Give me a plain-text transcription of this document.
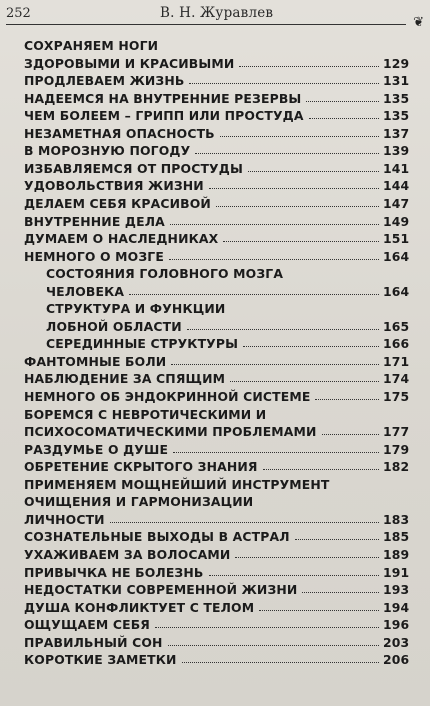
252	В. Н. Журавлев
❦
СОХРАНЯЕМ НОГИ
ЗДОРОВЫМИ И КРАСИВЫМИ	129
ПРОДЛЕВАЕМ ЖИЗНЬ	131
НАДЕЕМСЯ НА ВНУТРЕННИЕ РЕЗЕРВЫ	135
ЧЕМ БОЛЕЕМ – ГРИПП ИЛИ ПРОСТУДА	135
НЕЗАМЕТНАЯ ОПАСНОСТЬ	137
В МОРОЗНУЮ ПОГОДУ	139
ИЗБАВЛЯЕМСЯ ОТ ПРОСТУДЫ	141
УДОВОЛЬСТВИЯ ЖИЗНИ	144
ДЕЛАЕМ СЕБЯ КРАСИВОЙ	147
ВНУТРЕННИЕ ДЕЛА	149
ДУМАЕМ О НАСЛЕДНИКАХ	151
НЕМНОГО О МОЗГЕ	164
СОСТОЯНИЯ ГОЛОВНОГО МОЗГА
ЧЕЛОВЕКА	164
СТРУКТУРА И ФУНКЦИИ
ЛОБНОЙ ОБЛАСТИ	165
СЕРЕДИННЫЕ СТРУКТУРЫ	166
ФАНТОМНЫЕ БОЛИ	171
НАБЛЮДЕНИЕ ЗА СПЯЩИМ	174
НЕМНОГО ОБ ЭНДОКРИННОЙ СИСТЕМЕ	175
БОРЕМСЯ С НЕВРОТИЧЕСКИМИ И
ПСИХОСОМАТИЧЕСКИМИ ПРОБЛЕМАМИ	177
РАЗДУМЬЕ О ДУШЕ	179
ОБРЕТЕНИЕ СКРЫТОГО ЗНАНИЯ	182
ПРИМЕНЯЕМ МОЩНЕЙШИЙ ИНСТРУМЕНТ
ОЧИЩЕНИЯ И ГАРМОНИЗАЦИИ
ЛИЧНОСТИ	183
СОЗНАТЕЛЬНЫЕ ВЫХОДЫ В АСТРАЛ	185
УХАЖИВАЕМ ЗА ВОЛОСАМИ	189
ПРИВЫЧКА НЕ БОЛЕЗНЬ	191
НЕДОСТАТКИ СОВРЕМЕННОЙ ЖИЗНИ	193
ДУША КОНФЛИКТУЕТ С ТЕЛОМ	194
ОЩУЩАЕМ СЕБЯ	196
ПРАВИЛЬНЫЙ СОН	203
КОРОТКИЕ ЗАМЕТКИ	206
